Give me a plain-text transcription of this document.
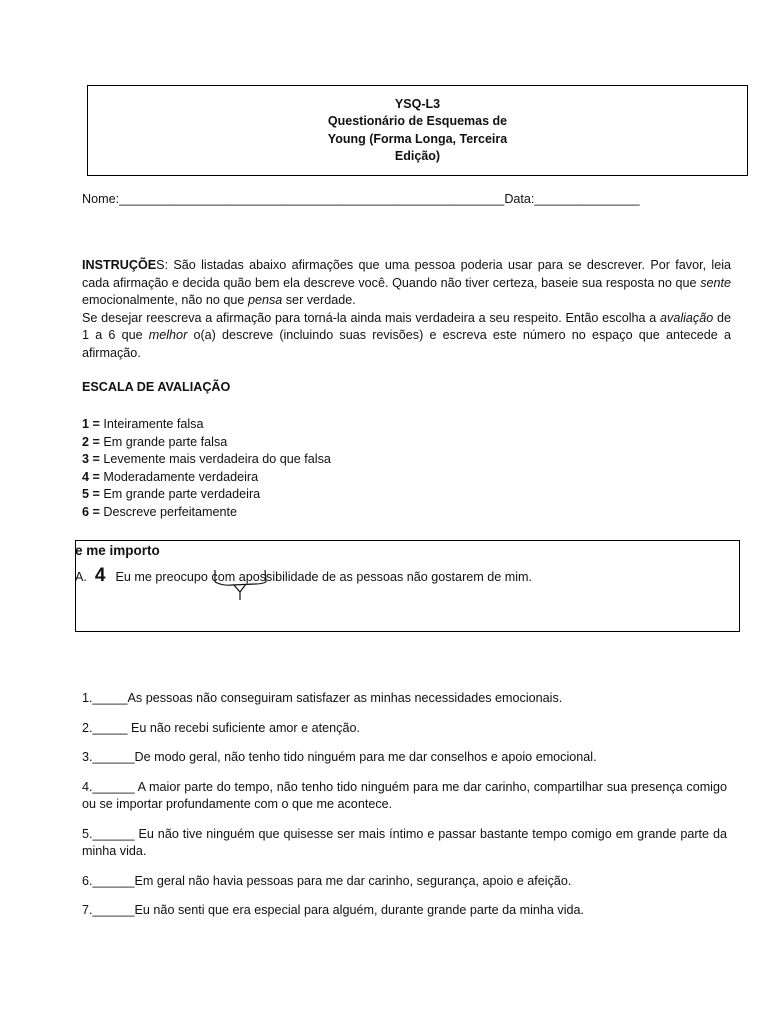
YSQ-L3
Questionário de Esquemas de
Young (Forma Longa, Terceira
Edição)
Nome:_______________________________________________________Data:_______________

INSTRUÇÕES: São listadas abaixo afirmações que uma pessoa poderia usar para se descrever. Por favor, leia cada afirmação e decida quão bem ela descreve você. Quando não tiver certeza, baseie sua resposta no que sente emocionalmente, não no que pensa ser verdade.

Se desejar reescreva a afirmação para torná-la ainda mais verdadeira a seu respeito. Então escolha a avaliação de 1 a 6 que melhor o(a) descreve (incluindo suas revisões) e escreva este número no espaço que antecede a afirmação.

ESCALA DE AVALIAÇÃO
1 = Inteiramente falsa
2 = Em grande parte falsa
3 = Levemente mais verdadeira do que falsa
4 = Moderadamente verdadeira
5 = Em grande parte verdadeira
6 = Descreve perfeitamente
e me importo
A. 4 Eu me preocup o com a possibilidade de as pessoas não gostarem de mim.
1._____As pessoas não conseguiram satisfazer as minhas necessidades emocionais.
2._____ Eu não recebi suficiente amor e atenção.
3.______De modo geral, não tenho tido ninguém para me dar conselhos e apoio emocional.
4.______ A maior parte do tempo, não tenho tido ninguém para me dar carinho, compartilhar sua presença comigo ou se importar profundamente com o que me acontece.
5.______ Eu não tive ninguém que quisesse ser mais íntimo e passar bastante tempo comigo em grande parte da minha vida.
6.______Em geral não havia pessoas para me dar carinho, segurança, apoio e afeição.
7.______Eu não senti que era especial para alguém, durante grande parte da minha vida.
